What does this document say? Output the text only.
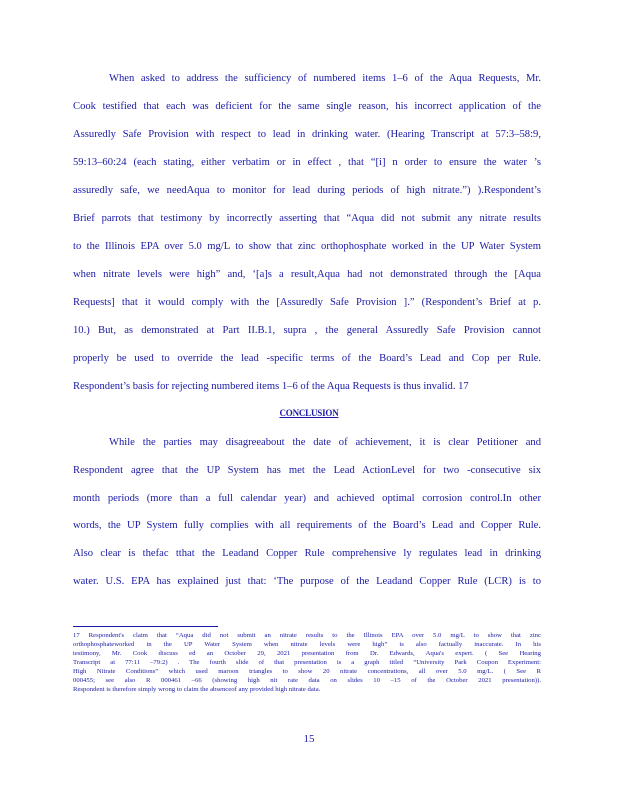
When asked to address the sufficiency of numbered items 1–6 of the Aqua Requests, Mr.
Cook testified that each was deficient for the same single reason, his incorrect application of the
Assuredly Safe Provision with respect to lead in drinking water. (Hearing Transcript at 57:3–58:9,
59:13–60:24 (each stating, either verbatim or in effect , that “[i] n order to ensure the water ’s
assuredly safe, we needAqua to monitor for lead during periods of high nitrate.”) ).Respondent’s
Brief parrots that testimony by incorrectly asserting that “Aqua did not submit any nitrate results
to the Illinois EPA over 5.0 mg/L to show that zinc orthophosphate worked in the UP Water System
when nitrate levels were high” and, ‘[a]s a result,Aqua had not demonstrated through the [Aqua
Requests] that it would comply with the [Assuredly Safe Provision ].” (Respondent’s Brief at p.
10.) But, as demonstrated at Part II.B.1, supra , the general Assuredly Safe Provision cannot
properly be used to override the lead -specific terms of the Board’s Lead and Cop per Rule.
Respondent’s basis for rejecting numbered items 1–6 of the Aqua Requests is thus invalid. 17
CONCLUSION
While the parties may disagreeabout the date of achievement, it is clear Petitioner and
Respondent agree that the UP System has met the Lead ActionLevel for two -consecutive six
month periods (more than a full calendar year) and achieved optimal corrosion control.In other
words, the UP System fully complies with all requirements of the Board’s Lead and Copper Rule.
Also clear is thefac tthat the Leadand Copper Rule comprehensive ly regulates lead in drinking
water. U.S. EPA has explained just that: ‘The purpose of the Leadand Copper Rule (LCR) is to
17 Respondent's claim that “Aqua did not submit an nitrate results to the Illinois EPA over 5.0 mg/L to show that zinc
orthophosphateworked in the UP Water System when nitrate levels were high” is also factually inaccurate. In his
testimony, Mr. Cook discuss ed an October 29, 2021 presentation from Dr. Edwards, Aqua's expert. ( See Hearing
Transcript at 77:11 –79:2) . The fourth slide of that presentation is a graph titled “University Park Coupon Experiment:
High Nitrate Conditions” which used maroon triangles to show 20 nitrate concentrations, all over 5.0 mg/L. ( See R
000455; see also R 000461 –66 (showing high nit rate data on slides 10 –15 of the October 2021 presentation)).
Respondent is therefore simply wrong to claim the absenceof any provided high nitrate data.
15
